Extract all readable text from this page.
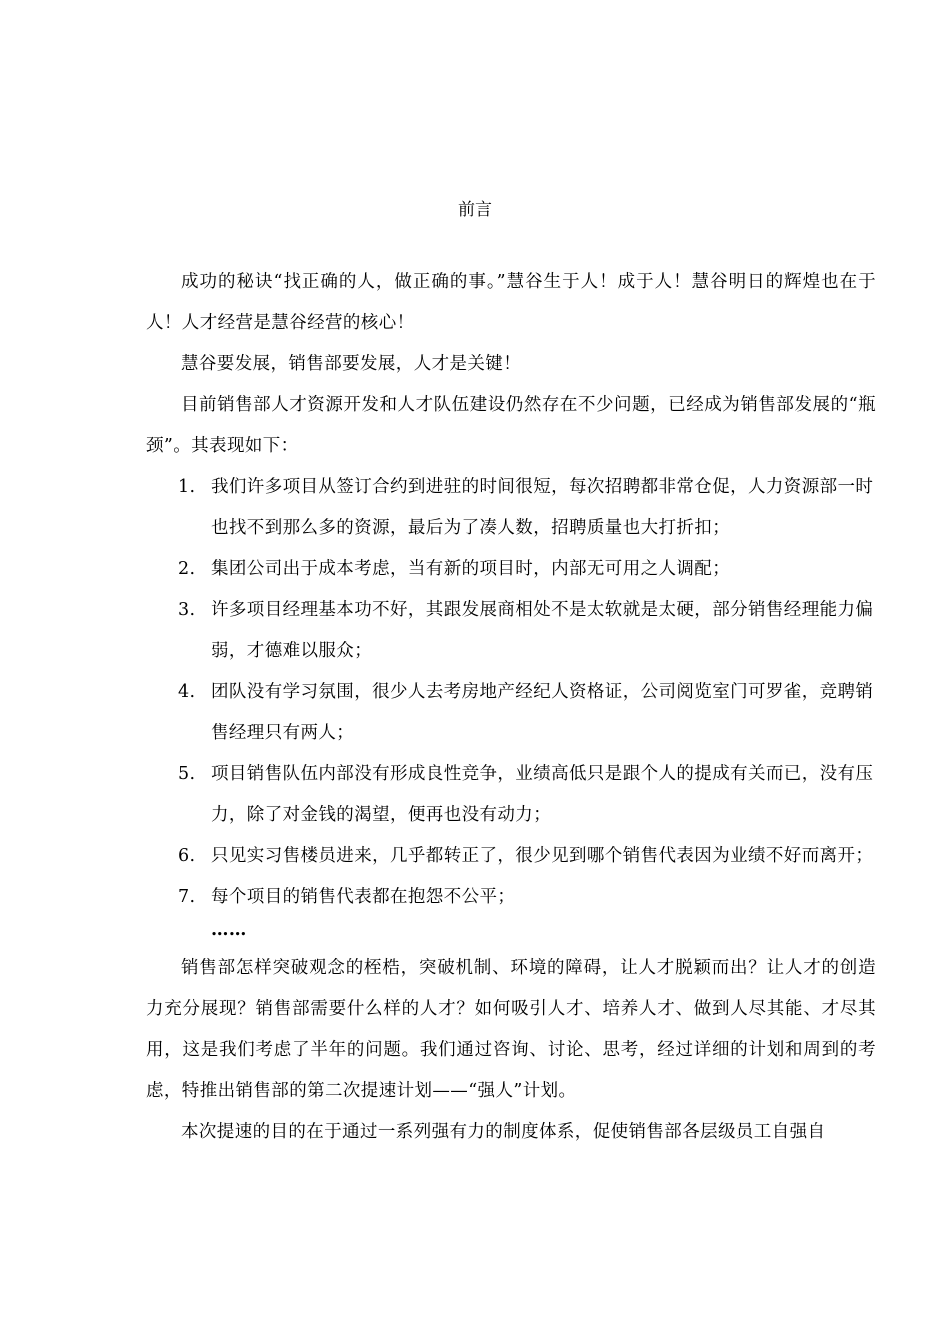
前言

成功的秘诀“找正确的人，做正确的事。”慧谷生于人！成于人！慧谷明日的辉煌也在于人！人才经营是慧谷经营的核心！

慧谷要发展，销售部要发展，人才是关键！

目前销售部人才资源开发和人才队伍建设仍然存在不少问题，已经成为销售部发展的“瓶颈”。其表现如下：

1. 我们许多项目从签订合约到进驻的时间很短，每次招聘都非常仓促，人力资源部一时也找不到那么多的资源，最后为了凑人数，招聘质量也大打折扣；
2. 集团公司出于成本考虑，当有新的项目时，内部无可用之人调配；
3. 许多项目经理基本功不好，其跟发展商相处不是太软就是太硬，部分销售经理能力偏弱，才德难以服众；
4. 团队没有学习氛围，很少人去考房地产经纪人资格证，公司阅览室门可罗雀，竞聘销售经理只有两人；
5. 项目销售队伍内部没有形成良性竞争，业绩高低只是跟个人的提成有关而已，没有压力，除了对金钱的渴望，便再也没有动力；
6. 只见实习售楼员进来，几乎都转正了，很少见到哪个销售代表因为业绩不好而离开；
7. 每个项目的销售代表都在抱怨不公平；
……

销售部怎样突破观念的桎梏，突破机制、环境的障碍，让人才脱颖而出？让人才的创造力充分展现？销售部需要什么样的人才？如何吸引人才、培养人才、做到人尽其能、才尽其用，这是我们考虑了半年的问题。我们通过咨询、讨论、思考，经过详细的计划和周到的考虑，特推出销售部的第二次提速计划——“强人”计划。

本次提速的目的在于通过一系列强有力的制度体系，促使销售部各层级员工自强自
